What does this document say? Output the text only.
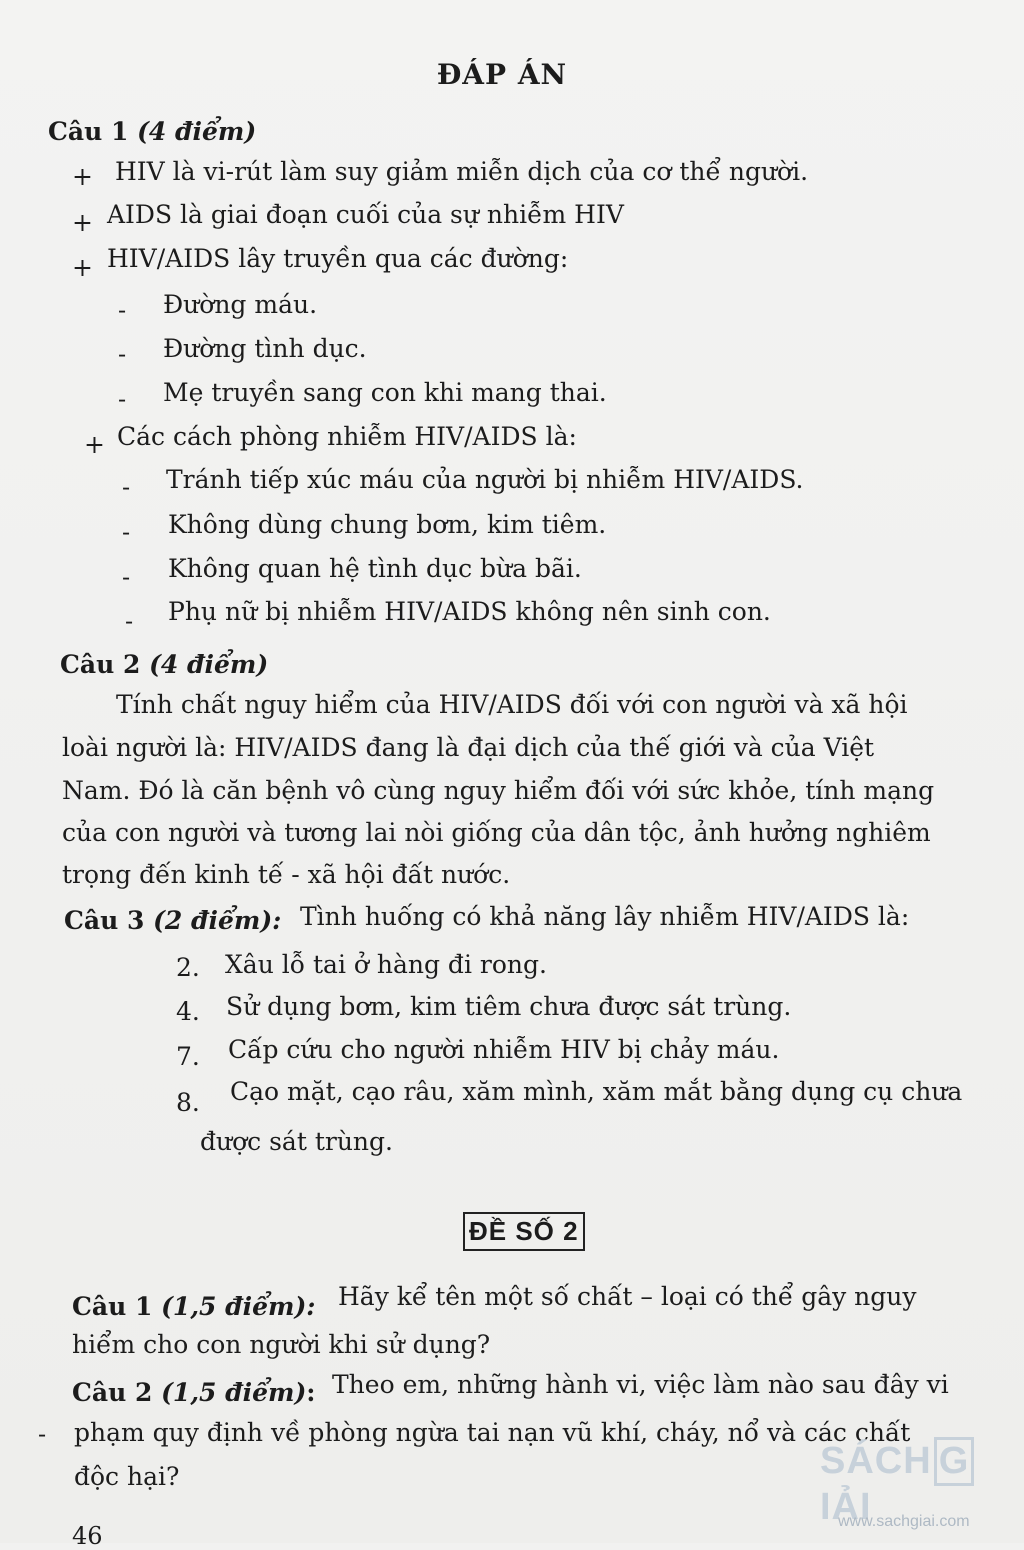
ĐÁP ÁN
Câu 1 (4 điểm)
+ HIV là vi-rút làm suy giảm miễn dịch của cơ thể người.
+ AIDS là giai đoạn cuối của sự nhiễm HIV
+ HIV/AIDS lây truyền qua các đường:
- Đường máu.
- Đường tình dục.
- Mẹ truyền sang con khi mang thai.
+ Các cách phòng nhiễm HIV/AIDS là:
- Tránh tiếp xúc máu của người bị nhiễm HIV/AIDS.
- Không dùng chung bơm, kim tiêm.
- Không quan hệ tình dục bừa bãi.
- Phụ nữ bị nhiễm HIV/AIDS không nên sinh con.
Câu 2 (4 điểm)
Tính chất nguy hiểm của HIV/AIDS đối với con người và xã hội
loài người là: HIV/AIDS đang là đại dịch của thế giới và của Việt
Nam. Đó là căn bệnh vô cùng nguy hiểm đối với sức khỏe, tính mạng
của con người và tương lai nòi giống của dân tộc, ảnh hưởng nghiêm
trọng đến kinh tế - xã hội đất nước.
Câu 3 (2 điểm): Tình huống có khả năng lây nhiễm HIV/AIDS là:
2. Xâu lỗ tai ở hàng đi rong.
4. Sử dụng bơm, kim tiêm chưa được sát trùng.
7. Cấp cứu cho người nhiễm HIV bị chảy máu.
8. Cạo mặt, cạo râu, xăm mình, xăm mắt bằng dụng cụ chưa
được sát trùng.
ĐỀ SỐ 2
Câu 1 (1,5 điểm): Hãy kể tên một số chất – loại có thể gây nguy
hiểm cho con người khi sử dụng?
Câu 2 (1,5 điểm): Theo em, những hành vi, việc làm nào sau đây vi
- phạm quy định về phòng ngừa tai nạn vũ khí, cháy, nổ và các chất
độc hại?
46
SÁCH GIẢI
www.sachgiai.com
